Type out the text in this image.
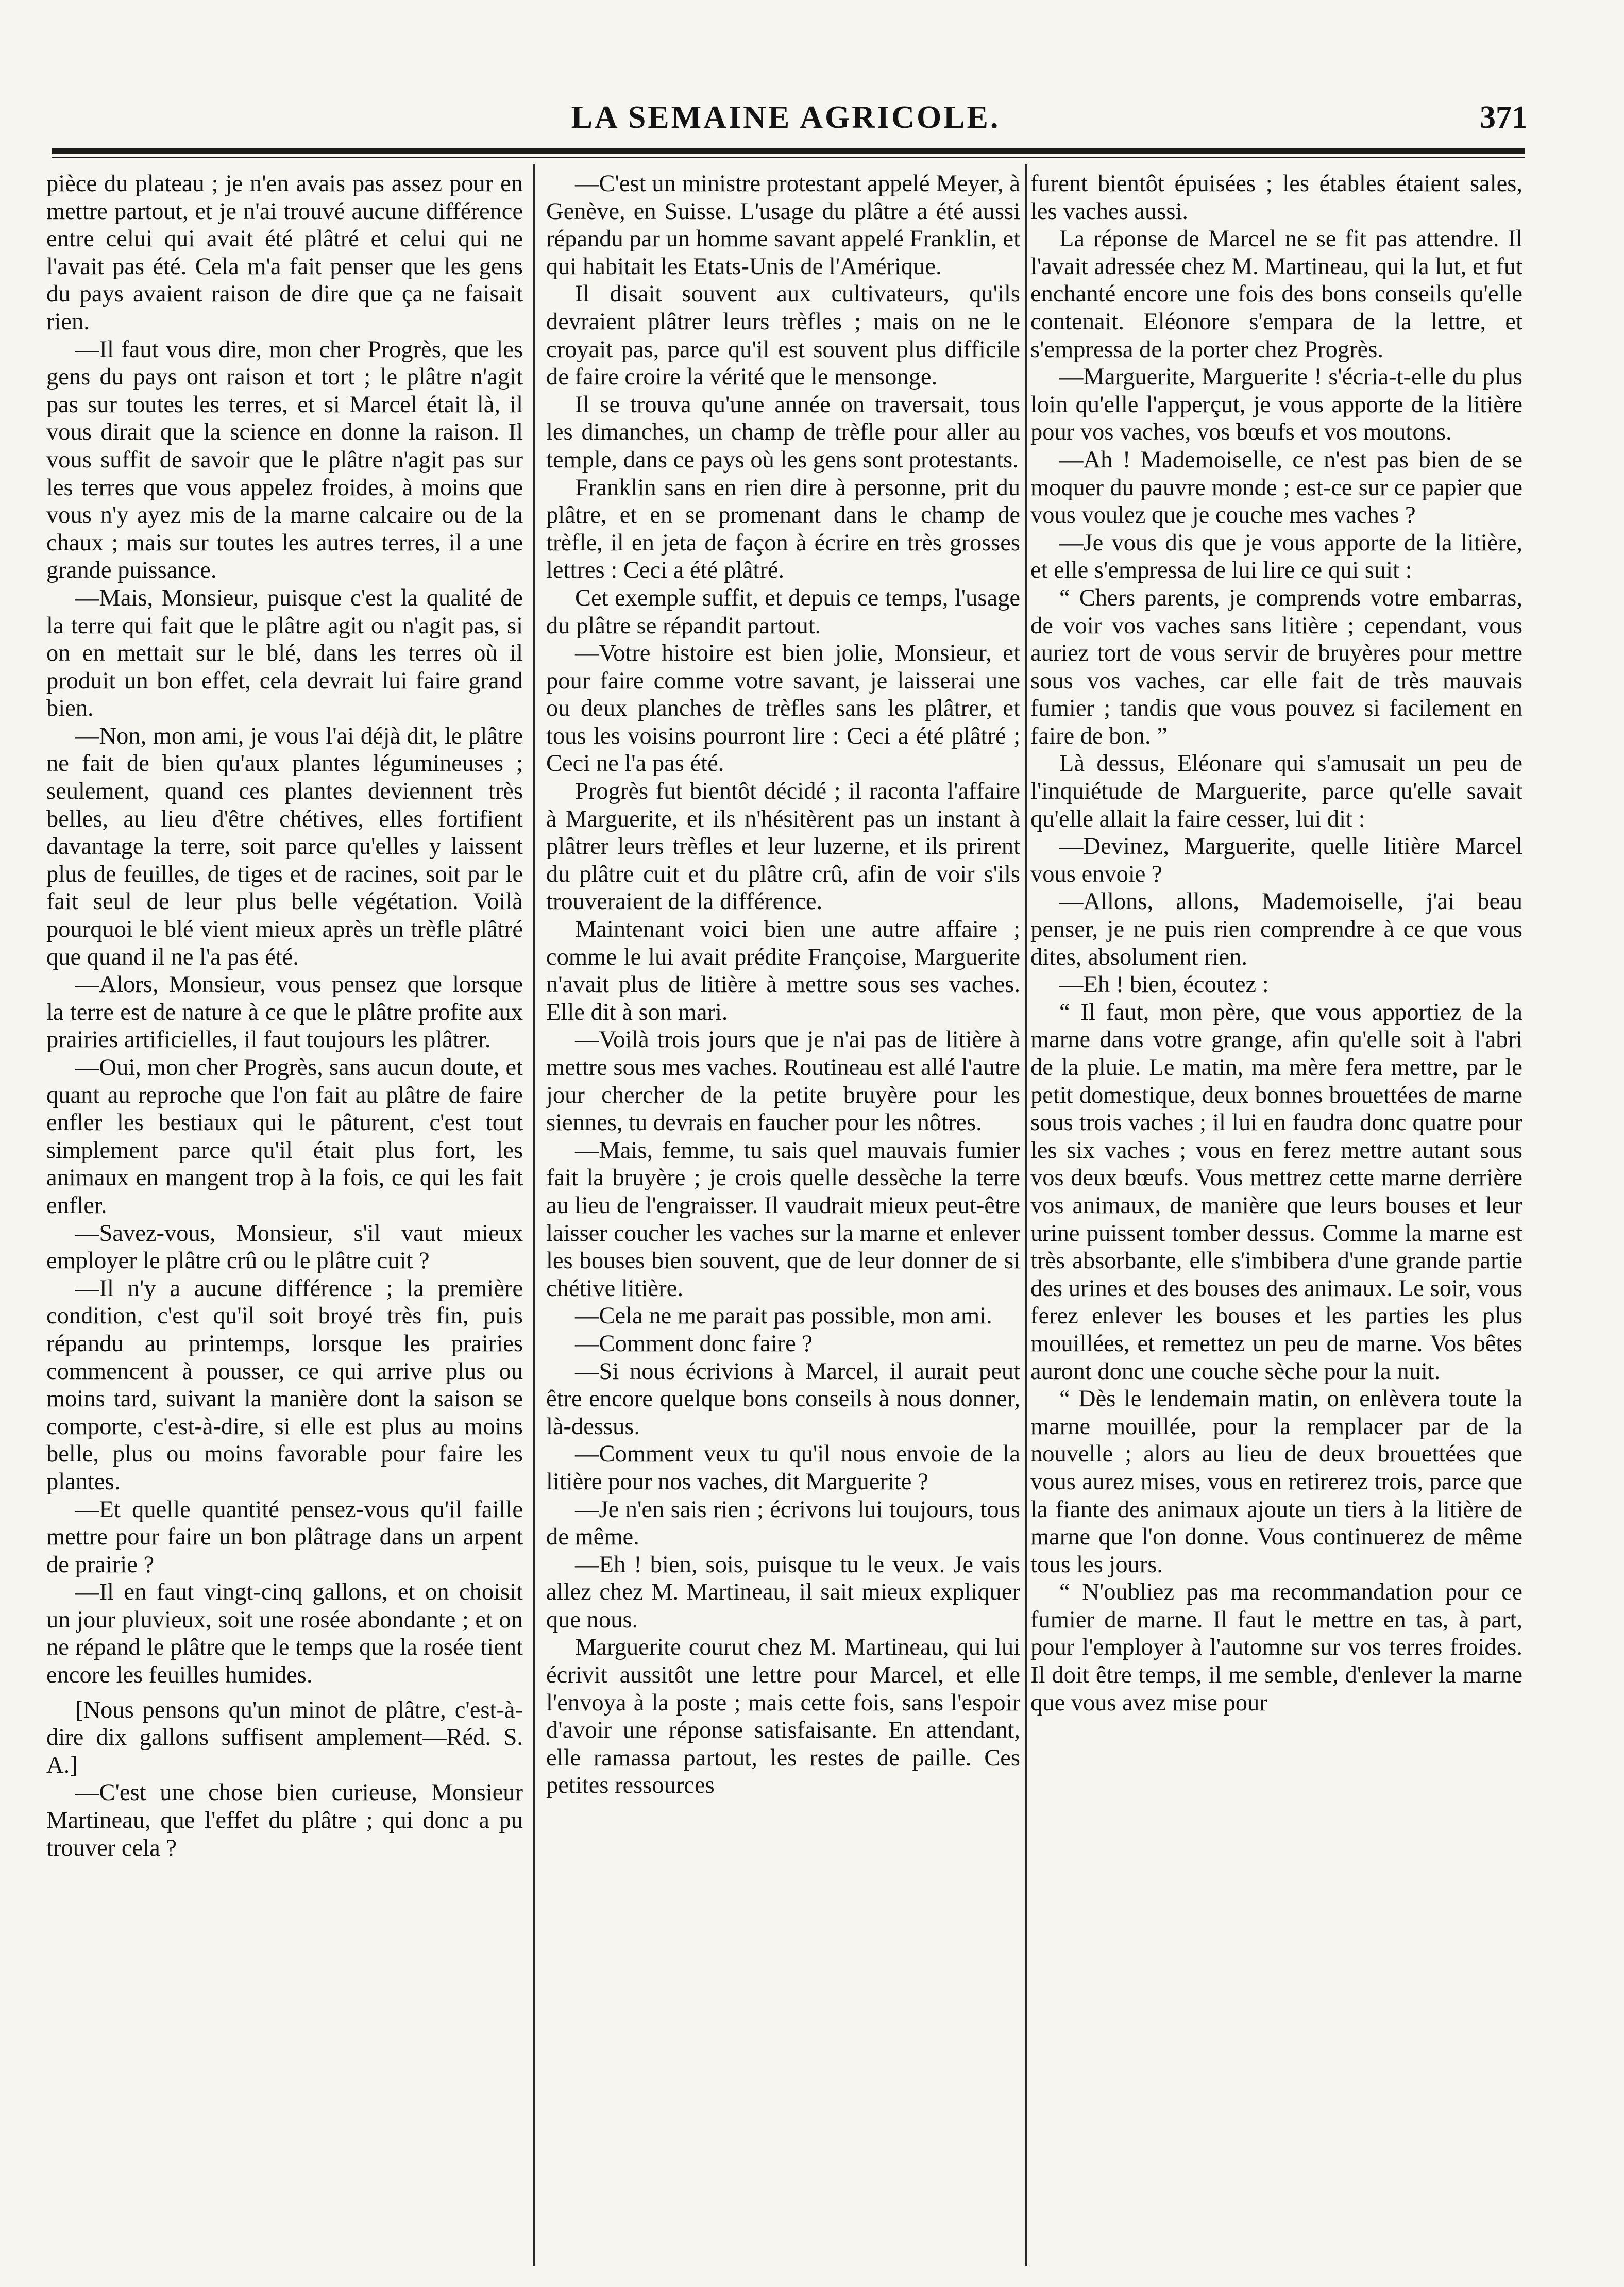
LA SEMAINE AGRICOLE.	371

pièce du plateau ; je n'en avais pas assez pour en mettre partout, et je n'ai trouvé aucune différence entre celui qui avait été plâtré et celui qui ne l'avait pas été. Cela m'a fait penser que les gens du pays avaient raison de dire que ça ne faisait rien.

—Il faut vous dire, mon cher Progrès, que les gens du pays ont raison et tort ; le plâtre n'agit pas sur toutes les terres, et si Marcel était là, il vous dirait que la science en donne la raison. Il vous suffit de savoir que le plâtre n'agit pas sur les terres que vous appelez froides, à moins que vous n'y ayez mis de la marne calcaire ou de la chaux ; mais sur toutes les autres terres, il a une grande puissance.

—Mais, Monsieur, puisque c'est la qualité de la terre qui fait que le plâtre agit ou n'agit pas, si on en mettait sur le blé, dans les terres où il produit un bon effet, cela devrait lui faire grand bien.

—Non, mon ami, je vous l'ai déjà dit, le plâtre ne fait de bien qu'aux plantes légumineuses ; seulement, quand ces plantes deviennent très belles, au lieu d'être chétives, elles fortifient davantage la terre, soit parce qu'elles y laissent plus de feuilles, de tiges et de racines, soit par le fait seul de leur plus belle végétation. Voilà pourquoi le blé vient mieux après un trèfle plâtré que quand il ne l'a pas été.

—Alors, Monsieur, vous pensez que lorsque la terre est de nature à ce que le plâtre profite aux prairies artificielles, il faut toujours les plâtrer.

—Oui, mon cher Progrès, sans aucun doute, et quant au reproche que l'on fait au plâtre de faire enfler les bestiaux qui le pâturent, c'est tout simplement parce qu'il était plus fort, les animaux en mangent trop à la fois, ce qui les fait enfler.

—Savez-vous, Monsieur, s'il vaut mieux employer le plâtre crû ou le plâtre cuit ?

—Il n'y a aucune différence ; la première condition, c'est qu'il soit broyé très fin, puis répandu au printemps, lorsque les prairies commencent à pousser, ce qui arrive plus ou moins tard, suivant la manière dont la saison se comporte, c'est-à-dire, si elle est plus au moins belle, plus ou moins favorable pour faire les plantes.

—Et quelle quantité pensez-vous qu'il faille mettre pour faire un bon plâtrage dans un arpent de prairie ?

—Il en faut vingt-cinq gallons, et on choisit un jour pluvieux, soit une rosée abondante ; et on ne répand le plâtre que le temps que la rosée tient encore les feuilles humides.

[Nous pensons qu'un minot de plâtre, c'est-à-dire dix gallons suffisent amplement—Réd. S. A.]

—C'est une chose bien curieuse, Monsieur Martineau, que l'effet du plâtre ; qui donc a pu trouver cela ?

—C'est un ministre protestant appelé Meyer, à Genève, en Suisse. L'usage du plâtre a été aussi répandu par un homme savant appelé Franklin, et qui habitait les Etats-Unis de l'Amérique.

Il disait souvent aux cultivateurs, qu'ils devraient plâtrer leurs trèfles ; mais on ne le croyait pas, parce qu'il est souvent plus difficile de faire croire la vérité que le mensonge.

Il se trouva qu'une année on traversait, tous les dimanches, un champ de trèfle pour aller au temple, dans ce pays où les gens sont protestants.

Franklin sans en rien dire à personne, prit du plâtre, et en se promenant dans le champ de trèfle, il en jeta de façon à écrire en très grosses lettres : Ceci a été plâtré.

Cet exemple suffit, et depuis ce temps, l'usage du plâtre se répandit partout.

—Votre histoire est bien jolie, Monsieur, et pour faire comme votre savant, je laisserai une ou deux planches de trèfles sans les plâtrer, et tous les voisins pourront lire : Ceci a été plâtré ; Ceci ne l'a pas été.

Progrès fut bientôt décidé ; il raconta l'affaire à Marguerite, et ils n'hésitèrent pas un instant à plâtrer leurs trèfles et leur luzerne, et ils prirent du plâtre cuit et du plâtre crû, afin de voir s'ils trouveraient de la différence.

Maintenant voici bien une autre affaire ; comme le lui avait prédite Françoise, Marguerite n'avait plus de litière à mettre sous ses vaches. Elle dit à son mari.

—Voilà trois jours que je n'ai pas de litière à mettre sous mes vaches. Routineau est allé l'autre jour chercher de la petite bruyère pour les siennes, tu devrais en faucher pour les nôtres.

—Mais, femme, tu sais quel mauvais fumier fait la bruyère ; je crois quelle dessèche la terre au lieu de l'engraisser. Il vaudrait mieux peut-être laisser coucher les vaches sur la marne et enlever les bouses bien souvent, que de leur donner de si chétive litière.

—Cela ne me parait pas possible, mon ami.

—Comment donc faire ?

—Si nous écrivions à Marcel, il aurait peut être encore quelque bons conseils à nous donner, là-dessus.

—Comment veux tu qu'il nous envoie de la litière pour nos vaches, dit Marguerite ?

—Je n'en sais rien ; écrivons lui toujours, tous de même.

—Eh ! bien, sois, puisque tu le veux. Je vais allez chez M. Martineau, il sait mieux expliquer que nous.

Marguerite courut chez M. Martineau, qui lui écrivit aussitôt une lettre pour Marcel, et elle l'envoya à la poste ; mais cette fois, sans l'espoir d'avoir une réponse satisfaisante. En attendant, elle ramassa partout, les restes de paille. Ces petites ressources

furent bientôt épuisées ; les étables étaient sales, les vaches aussi.

La réponse de Marcel ne se fit pas attendre. Il l'avait adressée chez M. Martineau, qui la lut, et fut enchanté encore une fois des bons conseils qu'elle contenait. Eléonore s'empara de la lettre, et s'empressa de la porter chez Progrès.

—Marguerite, Marguerite ! s'écria-t-elle du plus loin qu'elle l'apperçut, je vous apporte de la litière pour vos vaches, vos bœufs et vos moutons.

—Ah ! Mademoiselle, ce n'est pas bien de se moquer du pauvre monde ; est-ce sur ce papier que vous voulez que je couche mes vaches ?

—Je vous dis que je vous apporte de la litière, et elle s'empressa de lui lire ce qui suit :

“ Chers parents, je comprends votre embarras, de voir vos vaches sans litière ; cependant, vous auriez tort de vous servir de bruyères pour mettre sous vos vaches, car elle fait de très mauvais fumier ; tandis que vous pouvez si facilement en faire de bon. ”

Là dessus, Eléonare qui s'amusait un peu de l'inquiétude de Marguerite, parce qu'elle savait qu'elle allait la faire cesser, lui dit :

—Devinez, Marguerite, quelle litière Marcel vous envoie ?

—Allons, allons, Mademoiselle, j'ai beau penser, je ne puis rien comprendre à ce que vous dites, absolument rien.

—Eh ! bien, écoutez :

“ Il faut, mon père, que vous apportiez de la marne dans votre grange, afin qu'elle soit à l'abri de la pluie. Le matin, ma mère fera mettre, par le petit domestique, deux bonnes brouettées de marne sous trois vaches ; il lui en faudra donc quatre pour les six vaches ; vous en ferez mettre autant sous vos deux bœufs. Vous mettrez cette marne derrière vos animaux, de manière que leurs bouses et leur urine puissent tomber dessus. Comme la marne est très absorbante, elle s'imbibera d'une grande partie des urines et des bouses des animaux. Le soir, vous ferez enlever les bouses et les parties les plus mouillées, et remettez un peu de marne. Vos bêtes auront donc une couche sèche pour la nuit.

“ Dès le lendemain matin, on enlèvera toute la marne mouillée, pour la remplacer par de la nouvelle ; alors au lieu de deux brouettées que vous aurez mises, vous en retirerez trois, parce que la fiante des animaux ajoute un tiers à la litière de marne que l'on donne. Vous continuerez de même tous les jours.

“ N'oubliez pas ma recommandation pour ce fumier de marne. Il faut le mettre en tas, à part, pour l'employer à l'automne sur vos terres froides. Il doit être temps, il me semble, d'enlever la marne que vous avez mise pour
